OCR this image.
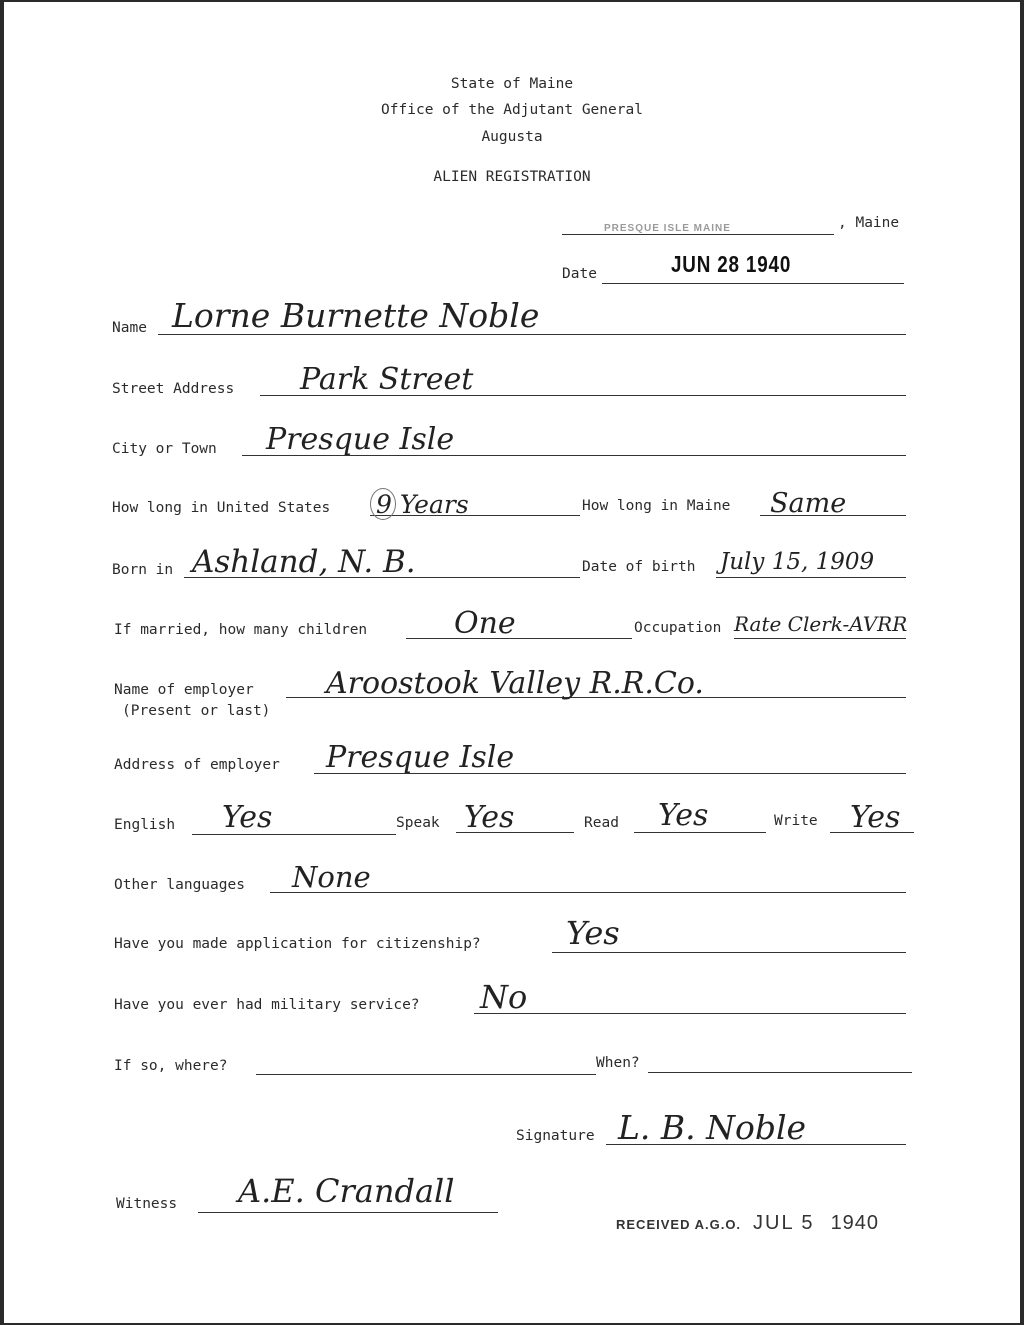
State of Maine
Office of the Adjutant General
Augusta
ALIEN REGISTRATION
PRESQUE ISLE MAINE	, Maine
Date	JUN 28 1940
Name Lorne Burnette Noble
Street Address Park Street
City or Town Presque Isle
How long in United States 9 Years	How long in Maine Same
Born in Ashland, N. B.	Date of birth July 15, 1909
If married, how many children	One	Occupation Rate Clerk-AVRR
Name of employer
(Present or last)
Aroostook Valley R.R.Co.
Address of employer Presque Isle
English Yes	Speak Yes	Read Yes	Write Yes
Other languages None
Have you made application for citizenship?	Yes
Have you ever had military service? No
If so, where?	When?
Signature L. B. Noble
Witness A.E. Crandall
RECEIVED A.G.O. JUL 5 1940
